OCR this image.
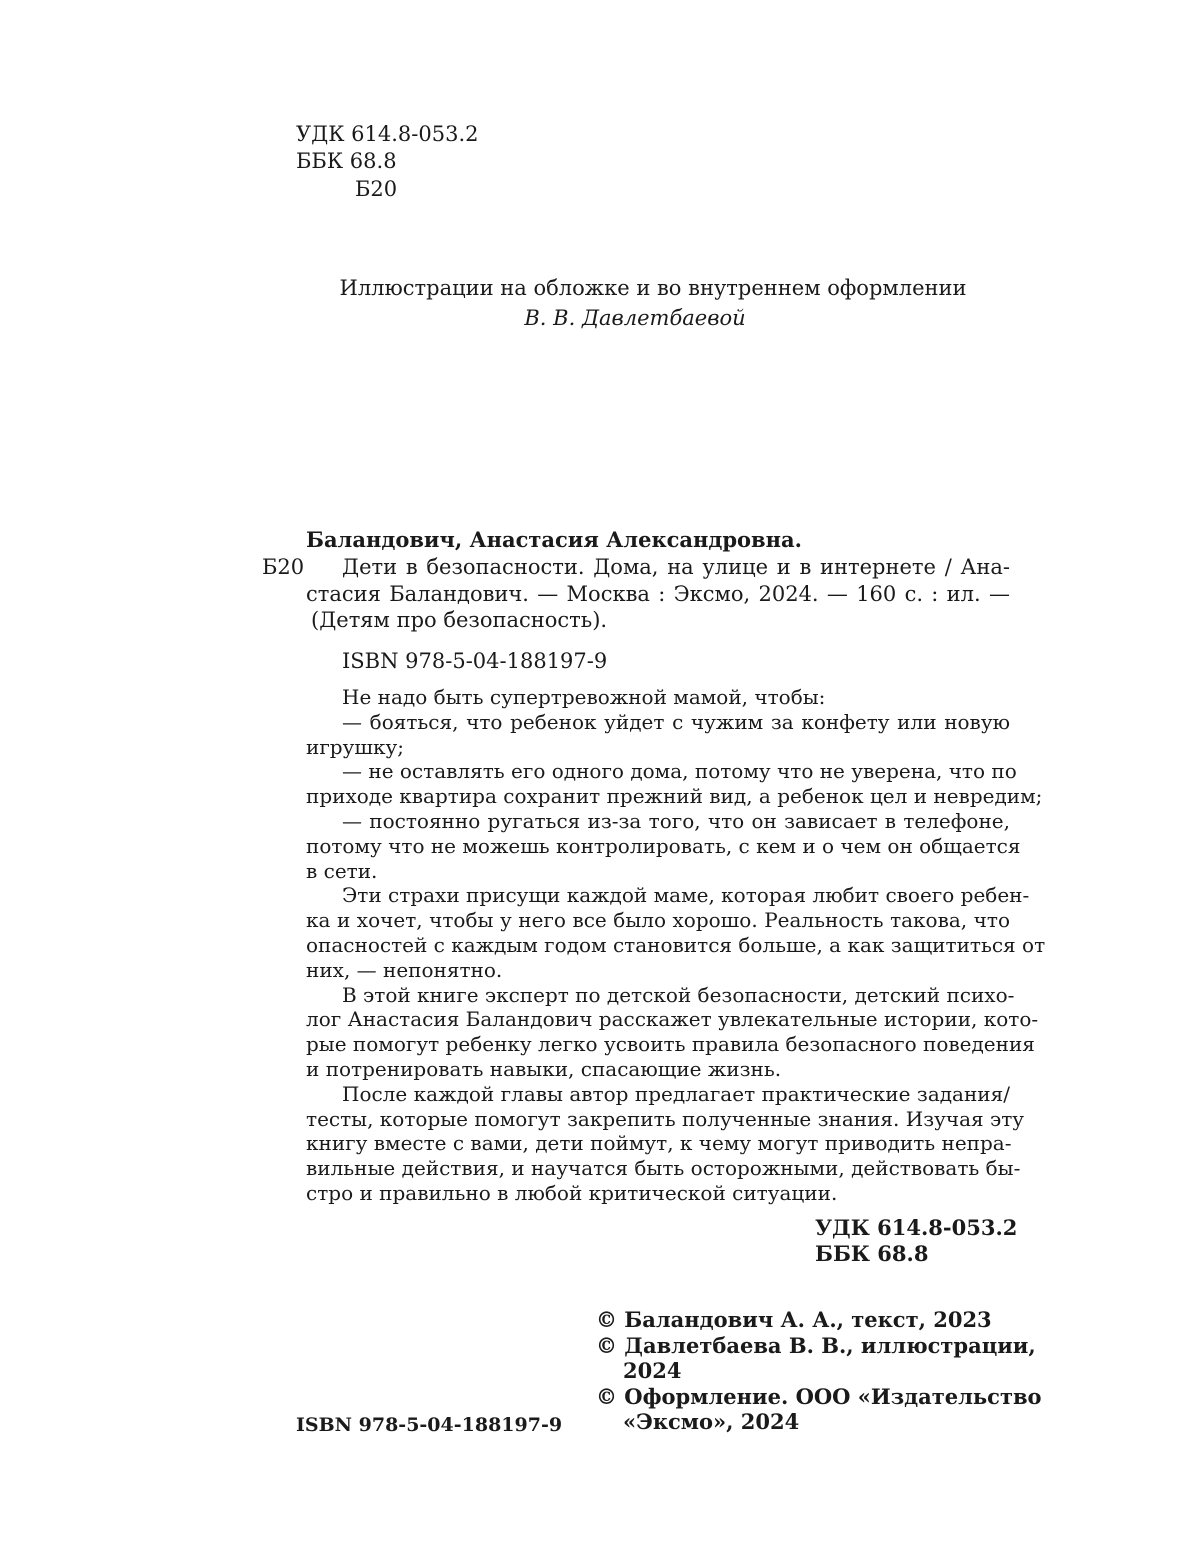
УДК 614.8-053.2
ББК 68.8
Б20
Иллюстрации на обложке и во внутреннем оформлении
В. В. Давлетбаевой
Баландович, Анастасия Александровна.
Б20 Дети в безопасности. Дома, на улице и в интернете / Ана-
стасия Баландович. — Москва : Эксмо, 2024. — 160 с. : ил. —
(Детям про безопасность).
ISBN 978-5-04-188197-9
Не надо быть супертревожной мамой, чтобы:
— бояться, что ребенок уйдет с чужим за конфету или новую
игрушку;
— не оставлять его одного дома, потому что не уверена, что по
приходе квартира сохранит прежний вид, а ребенок цел и невредим;
— постоянно ругаться из-за того, что он зависает в телефоне,
потому что не можешь контролировать, с кем и о чем он общается
в сети.
Эти страхи присущи каждой маме, которая любит своего ребен-
ка и хочет, чтобы у него все было хорошо. Реальность такова, что
опасностей с каждым годом становится больше, а как защититься от
них, — непонятно.
В этой книге эксперт по детской безопасности, детский психо-
лог Анастасия Баландович расскажет увлекательные истории, кото-
рые помогут ребенку легко усвоить правила безопасного поведения
и потренировать навыки, спасающие жизнь.
После каждой главы автор предлагает практические задания/
тесты, которые помогут закрепить полученные знания. Изучая эту
книгу вместе с вами, дети поймут, к чему могут приводить непра-
вильные действия, и научатся быть осторожными, действовать бы-
стро и правильно в любой критической ситуации.
УДК 614.8-053.2
ББК 68.8
© Баландович А. А., текст, 2023
© Давлетбаева В. В., иллюстрации,
2024
© Оформление. ООО «Издательство
«Эксмо», 2024
ISBN 978-5-04-188197-9
